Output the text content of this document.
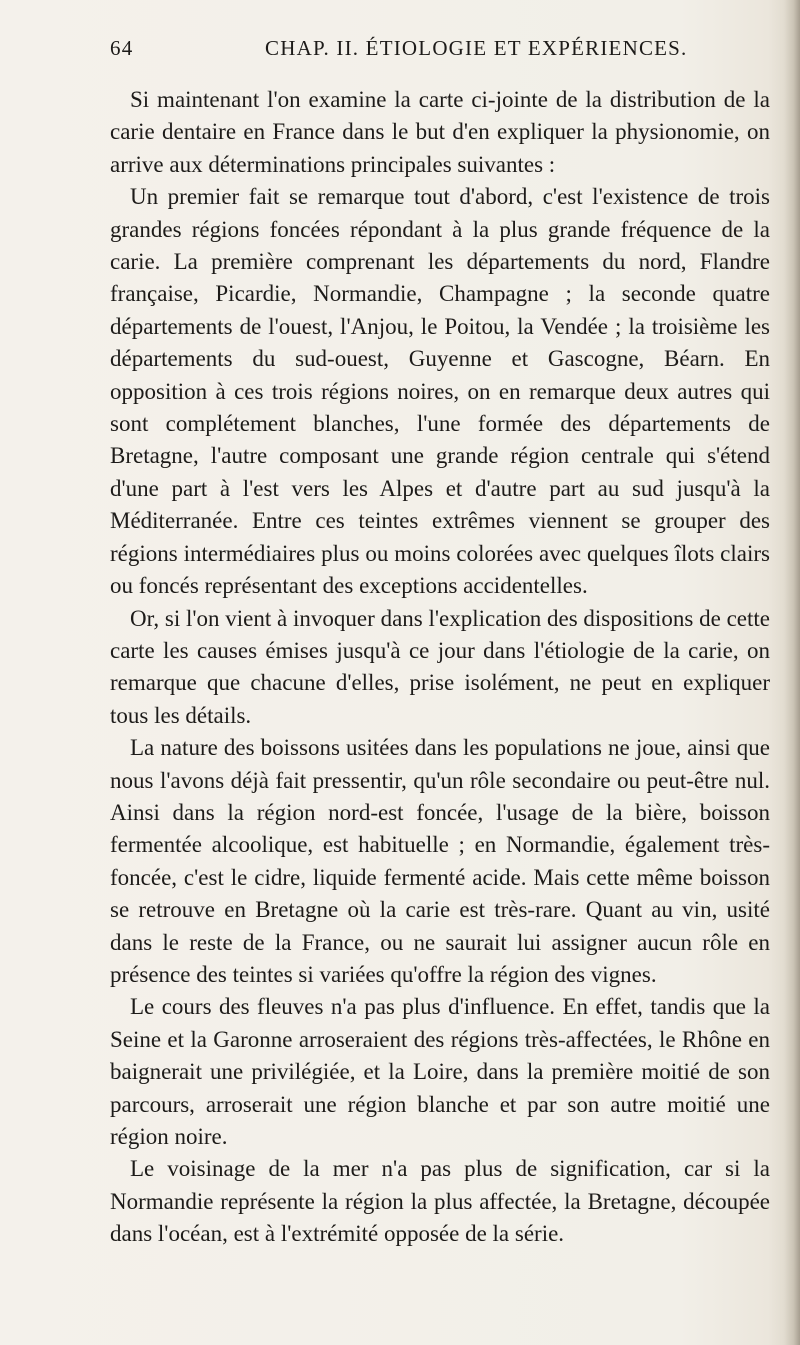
64	CHAP. II. ÉTIOLOGIE ET EXPÉRIENCES.

Si maintenant l'on examine la carte ci-jointe de la distribution de la carie dentaire en France dans le but d'en expliquer la physionomie, on arrive aux déterminations principales suivantes :

Un premier fait se remarque tout d'abord, c'est l'existence de trois grandes régions foncées répondant à la plus grande fréquence de la carie. La première comprenant les départements du nord, Flandre française, Picardie, Normandie, Champagne ; la seconde quatre départements de l'ouest, l'Anjou, le Poitou, la Vendée ; la troisième les départements du sud-ouest, Guyenne et Gascogne, Béarn. En opposition à ces trois régions noires, on en remarque deux autres qui sont complétement blanches, l'une formée des départements de Bretagne, l'autre composant une grande région centrale qui s'étend d'une part à l'est vers les Alpes et d'autre part au sud jusqu'à la Méditerranée. Entre ces teintes extrêmes viennent se grouper des régions intermédiaires plus ou moins colorées avec quelques îlots clairs ou foncés représentant des exceptions accidentelles.

Or, si l'on vient à invoquer dans l'explication des dispositions de cette carte les causes émises jusqu'à ce jour dans l'étiologie de la carie, on remarque que chacune d'elles, prise isolément, ne peut en expliquer tous les détails.

La nature des boissons usitées dans les populations ne joue, ainsi que nous l'avons déjà fait pressentir, qu'un rôle secondaire ou peut-être nul. Ainsi dans la région nord-est foncée, l'usage de la bière, boisson fermentée alcoolique, est habituelle ; en Normandie, également très-foncée, c'est le cidre, liquide fermenté acide. Mais cette même boisson se retrouve en Bretagne où la carie est très-rare. Quant au vin, usité dans le reste de la France, ou ne saurait lui assigner aucun rôle en présence des teintes si variées qu'offre la région des vignes.

Le cours des fleuves n'a pas plus d'influence. En effet, tandis que la Seine et la Garonne arroseraient des régions très-affectées, le Rhône en baignerait une privilégiée, et la Loire, dans la première moitié de son parcours, arroserait une région blanche et par son autre moitié une région noire.

Le voisinage de la mer n'a pas plus de signification, car si la Normandie représente la région la plus affectée, la Bretagne, découpée dans l'océan, est à l'extrémité opposée de la série.
